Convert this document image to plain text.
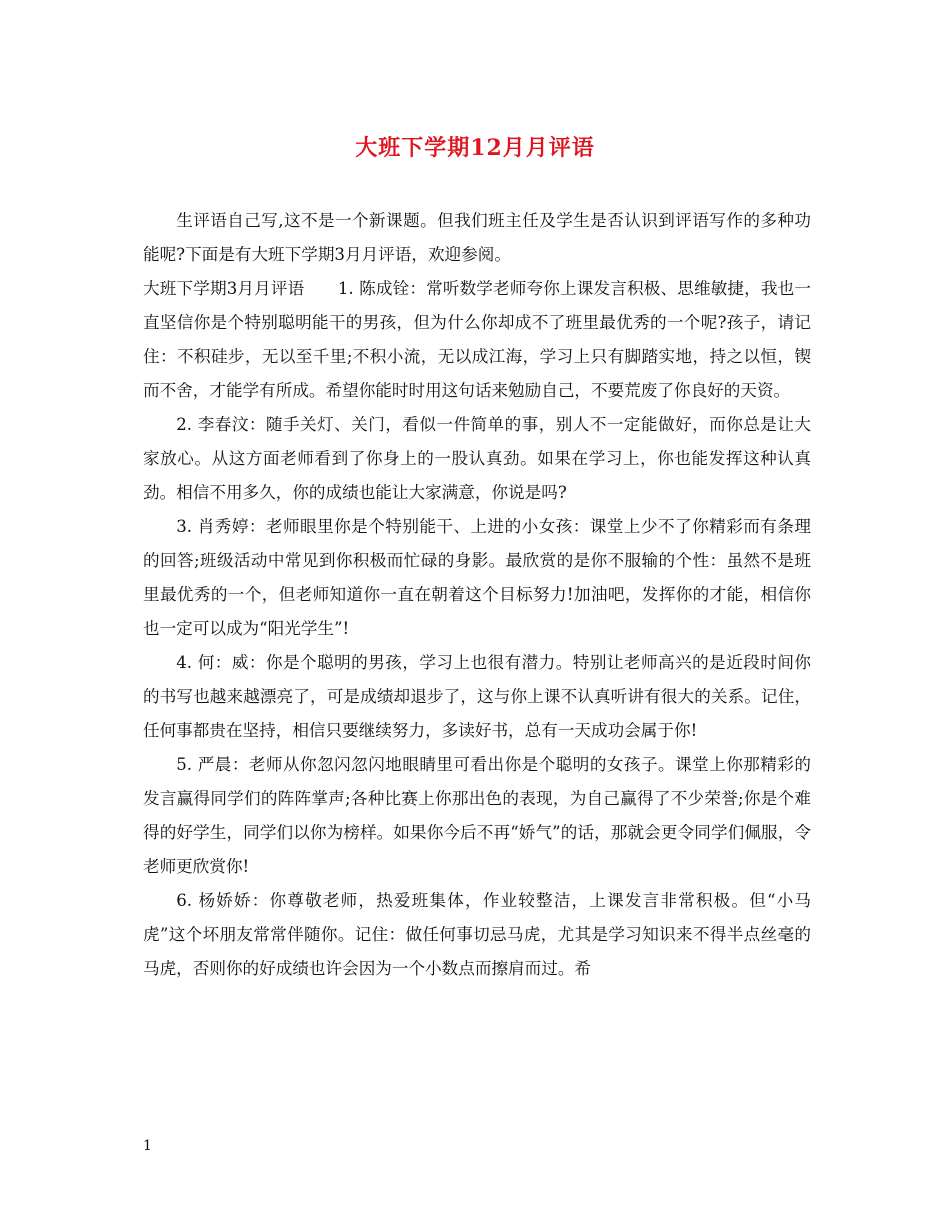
大班下学期12月月评语

生评语自己写,这不是一个新课题。但我们班主任及学生是否认识到评语写作的多种功能呢?下面是有大班下学期3月月评语，欢迎参阅。

大班下学期3月月评语　　1. 陈成铨：常听数学老师夸你上课发言积极、思维敏捷，我也一直坚信你是个特别聪明能干的男孩，但为什么你却成不了班里最优秀的一个呢?孩子，请记住：不积硅步，无以至千里;不积小流，无以成江海，学习上只有脚踏实地，持之以恒，锲而不舍，才能学有所成。希望你能时时用这句话来勉励自己，不要荒废了你良好的天资。

2. 李春汶：随手关灯、关门，看似一件简单的事，别人不一定能做好，而你总是让大家放心。从这方面老师看到了你身上的一股认真劲。如果在学习上，你也能发挥这种认真劲。相信不用多久，你的成绩也能让大家满意，你说是吗?

3. 肖秀婷：老师眼里你是个特别能干、上进的小女孩：课堂上少不了你精彩而有条理的回答;班级活动中常见到你积极而忙碌的身影。最欣赏的是你不服输的个性：虽然不是班里最优秀的一个，但老师知道你一直在朝着这个目标努力!加油吧，发挥你的才能，相信你也一定可以成为“阳光学生”!

4. 何：威：你是个聪明的男孩，学习上也很有潜力。特别让老师高兴的是近段时间你的书写也越来越漂亮了，可是成绩却退步了，这与你上课不认真听讲有很大的关系。记住，任何事都贵在坚持，相信只要继续努力，多读好书，总有一天成功会属于你!

5. 严晨：老师从你忽闪忽闪地眼睛里可看出你是个聪明的女孩子。课堂上你那精彩的发言赢得同学们的阵阵掌声;各种比赛上你那出色的表现，为自己赢得了不少荣誉;你是个难得的好学生，同学们以你为榜样。如果你今后不再“娇气”的话，那就会更令同学们佩服，令老师更欣赏你!

6. 杨娇娇：你尊敬老师，热爱班集体，作业较整洁，上课发言非常积极。但“小马虎”这个坏朋友常常伴随你。记住：做任何事切忌马虎，尤其是学习知识来不得半点丝毫的马虎，否则你的好成绩也许会因为一个小数点而擦肩而过。希

1
